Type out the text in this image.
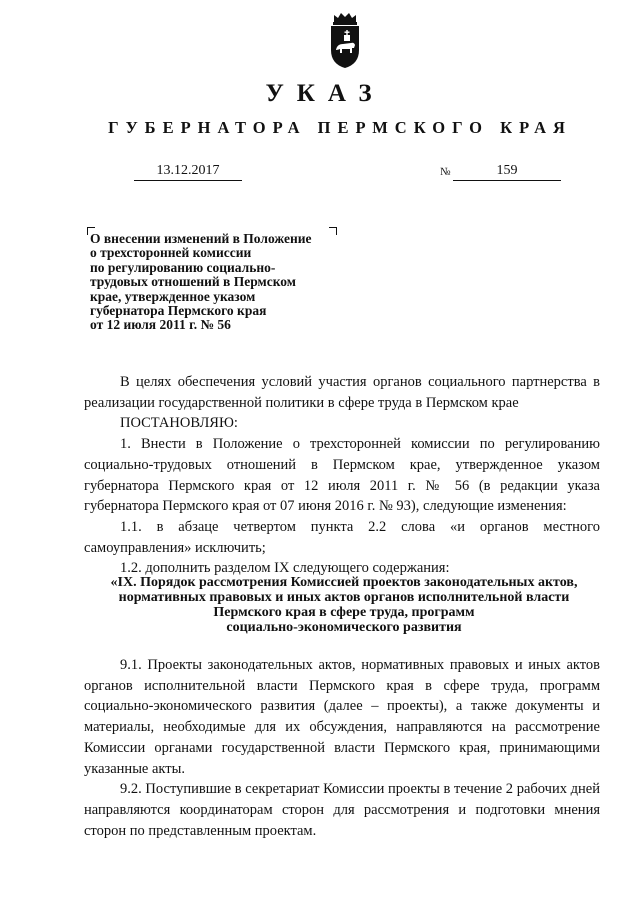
УКАЗ
ГУБЕРНАТОРА ПЕРМСКОГО КРАЯ
13.12.2017	№	159
О внесении изменений в Положение
о трехсторонней комиссии
по регулированию социально-
трудовых отношений в Пермском
крае, утвержденное указом
губернатора Пермского края
от 12 июля 2011 г. № 56

В целях обеспечения условий участия органов социального партнерства в реализации государственной политики в сфере труда в Пермском крае

ПОСТАНОВЛЯЮ:

1. Внести в Положение о трехсторонней комиссии по регулированию социально-трудовых отношений в Пермском крае, утвержденное указом губернатора Пермского края от 12 июля 2011 г. № 56 (в редакции указа губернатора Пермского края от 07 июня 2016 г. № 93), следующие изменения:

1.1. в абзаце четвертом пункта 2.2 слова «и органов местного самоуправления» исключить;

1.2. дополнить разделом IX следующего содержания:

«IX. Порядок рассмотрения Комиссией проектов законодательных актов,
нормативных правовых и иных актов органов исполнительной власти
Пермского края в сфере труда, программ
социально-экономического развития

9.1. Проекты законодательных актов, нормативных правовых и иных актов органов исполнительной власти Пермского края в сфере труда, программ социально-экономического развития (далее – проекты), а также документы и материалы, необходимые для их обсуждения, направляются на рассмотрение Комиссии органами государственной власти Пермского края, принимающими указанные акты.

9.2. Поступившие в секретариат Комиссии проекты в течение 2 рабочих дней направляются координаторам сторон для рассмотрения и подготовки мнения сторон по представленным проектам.
